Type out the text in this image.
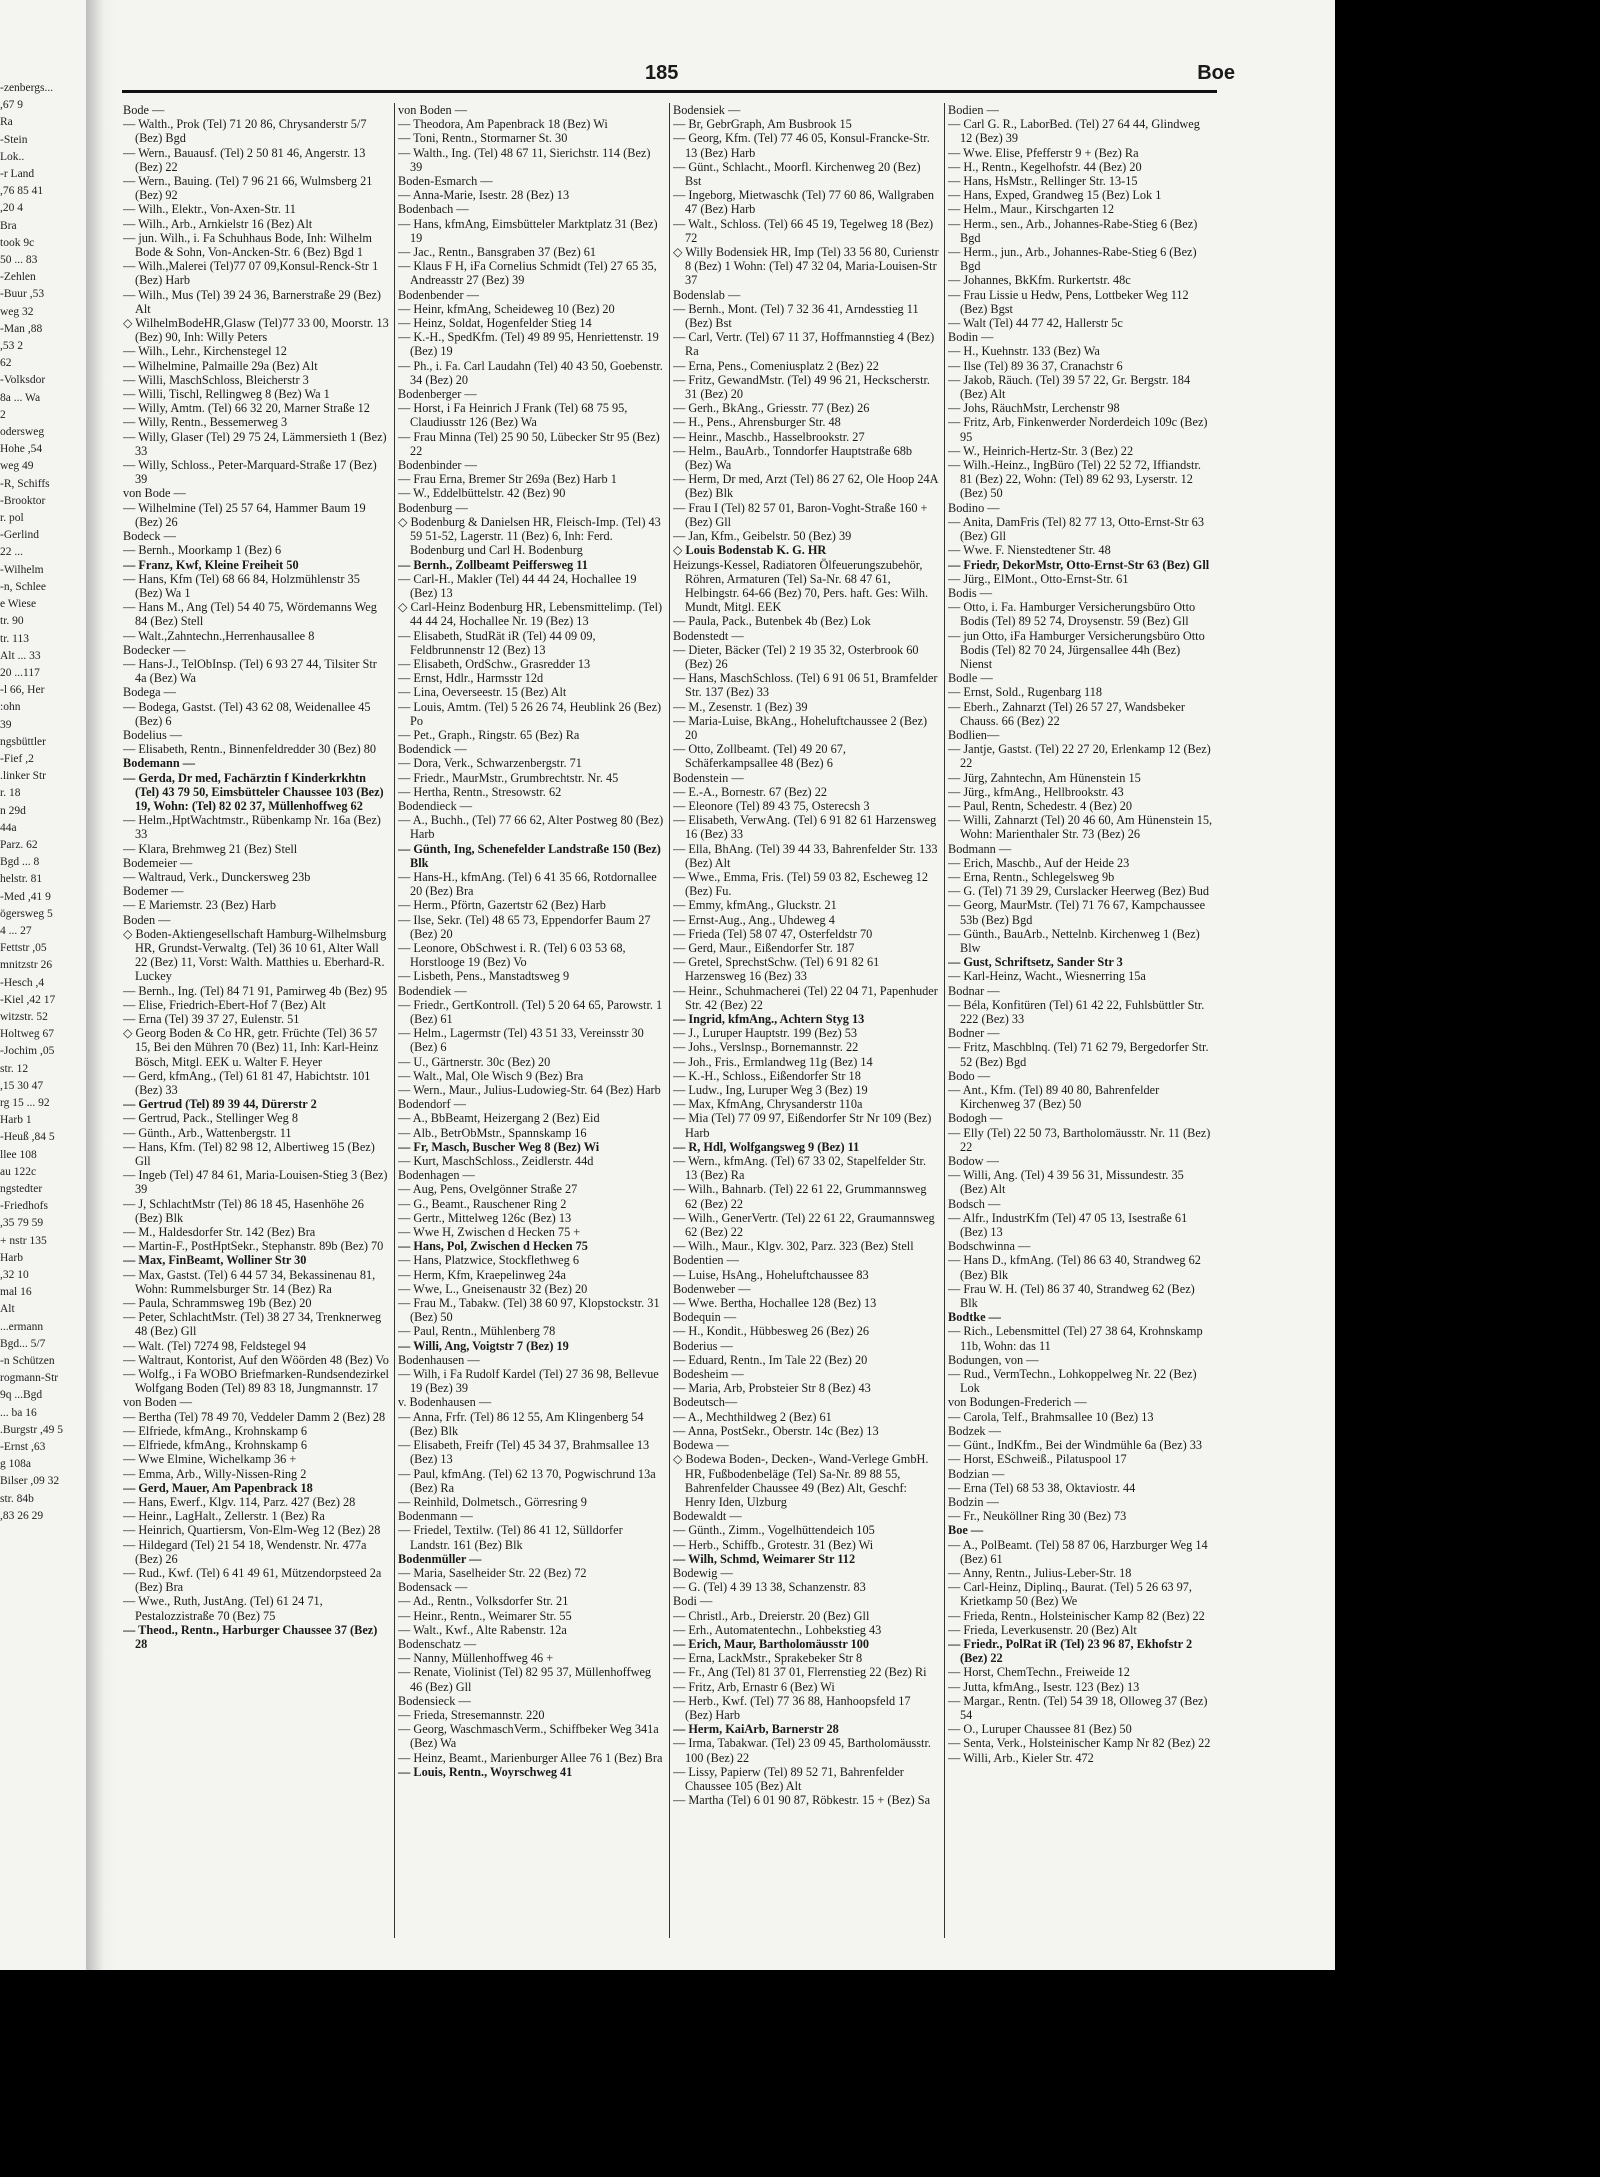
...zenbergs-
9 67,
Ra
Stein-
..Lok
r Land-
41 85 76,
4 20,
Bra
took 9c
83 ... 50
Zehlen-
53, Buur-
weg 32
88, Man-
2 53,
62
Volksdor-
8a ... Wa
2
odersweg
54, Hohe
weg 49
R, Schiffs-
Brooktor-
r. pol
Gerlind-
... 22
Wilhelm-
n, Schlee-
e Wiese
tr. 90
tr. 113
33 ... Alt
117... 20
l 66, Her-
ohn:
39
ngsbüttler
2, Fief-
linker Str.
r. 18
n 29d
44a
Parz. 62
8 ... Bgd
helstr. 81
9 41, Med-
ögersweg 5
27 ... 4
05, Fettstr
mnitzstr 26
4, Hesch-
17 42, Kiel-
witzstr. 52
Holtweg 67
05, Jochim-
str. 12
47 30 15,
rg 15 ... 92
Harb 1
5 84, Heuß-
llee 108
au 122c
ngstedter
Friedhofs-
59 79 35,
nstr 135 +
Harb
10 32,
mal 16
Alt
ermann...
5/7 ...Bgd
n Schützen-
rogmann-Str
9q ...Bgd
ba 16 ...
5 49, Burgstr.
63, Ernst-
g 108a
32 09, Bilser
str. 84b
29 26 83,
185	Boe

Bode —

— Walth., Prok (Tel) 71 20 86, Chrysanderstr 5/7 (Bez) Bgd

— Wern., Bauausf. (Tel) 2 50 81 46, Angerstr. 13 (Bez) 22

— Wern., Bauing. (Tel) 7 96 21 66, Wulmsberg 21 (Bez) 92

— Wilh., Elektr., Von-Axen-Str. 11

— Wilh., Arb., Arnkielstr 16 (Bez) Alt

— jun. Wilh., i. Fa Schuhhaus Bode, Inh: Wilhelm Bode & Sohn, Von-Ancken-Str. 6 (Bez) Bgd 1

— Wilh.,Malerei (Tel)77 07 09,Konsul-Renck-Str 1 (Bez) Harb

— Wilh., Mus (Tel) 39 24 36, Barnerstraße 29 (Bez) Alt

◇ WilhelmBodeHR,Glasw (Tel)77 33 00, Moorstr. 13 (Bez) 90, Inh: Willy Peters

— Wilh., Lehr., Kirchenstegel 12

— Wilhelmine, Palmaille 29a (Bez) Alt

— Willi, MaschSchloss, Bleicherstr 3

— Willi, Tischl, Rellingweg 8 (Bez) Wa 1

— Willy, Amtm. (Tel) 66 32 20, Marner Straße 12

— Willy, Rentn., Bessemerweg 3

— Willy, Glaser (Tel) 29 75 24, Lämmersieth 1 (Bez) 33

— Willy, Schloss., Peter-Marquard-Straße 17 (Bez) 39

von Bode —

— Wilhelmine (Tel) 25 57 64, Hammer Baum 19 (Bez) 26

Bodeck —

— Bernh., Moorkamp 1 (Bez) 6

— Franz, Kwf, Kleine Freiheit 50

— Hans, Kfm (Tel) 68 66 84, Holzmühlenstr 35 (Bez) Wa 1

— Hans M., Ang (Tel) 54 40 75, Wördemanns Weg 84 (Bez) Stell

— Walt.,Zahntechn.,Herrenhausallee 8

Bodecker —

— Hans-J., TelObInsp. (Tel) 6 93 27 44, Tilsiter Str 4a (Bez) Wa

Bodega —

— Bodega, Gastst. (Tel) 43 62 08, Weidenallee 45 (Bez) 6

Bodelius —

— Elisabeth, Rentn., Binnenfeldredder 30 (Bez) 80

Bodemann —

— Gerda, Dr med, Fachärztin f Kinderkrkhtn (Tel) 43 79 50, Eimsbütteler Chaussee 103 (Bez) 19, Wohn: (Tel) 82 02 37, Müllenhoffweg 62

— Helm.,HptWachtmstr., Rübenkamp Nr. 16a (Bez) 33

— Klara, Brehmweg 21 (Bez) Stell

Bodemeier —

— Waltraud, Verk., Dunckersweg 23b

Bodemer —

— E Mariemstr. 23 (Bez) Harb

Boden —

◇ Boden-Aktiengesellschaft Hamburg-Wilhelmsburg HR, Grundst-Verwaltg. (Tel) 36 10 61, Alter Wall 22 (Bez) 11, Vorst: Walth. Matthies u. Eberhard-R. Luckey

— Bernh., Ing. (Tel) 84 71 91, Pamirweg 4b (Bez) 95

— Elise, Friedrich-Ebert-Hof 7 (Bez) Alt

— Erna (Tel) 39 37 27, Eulenstr. 51

◇ Georg Boden & Co HR, getr. Früchte (Tel) 36 57 15, Bei den Mühren 70 (Bez) 11, Inh: Karl-Heinz Bösch, Mitgl. EEK u. Walter F. Heyer

— Gerd, kfmAng., (Tel) 61 81 47, Habichtstr. 101 (Bez) 33

— Gertrud (Tel) 89 39 44, Dürerstr 2

— Gertrud, Pack., Stellinger Weg 8

— Günth., Arb., Wattenbergstr. 11

— Hans, Kfm. (Tel) 82 98 12, Albertiweg 15 (Bez) Gll

— Ingeb (Tel) 47 84 61, Maria-Louisen-Stieg 3 (Bez) 39

— J, SchlachtMstr (Tel) 86 18 45, Hasenhöhe 26 (Bez) Blk

— M., Haldesdorfer Str. 142 (Bez) Bra

— Martin-F., PostHptSekr., Stephanstr. 89b (Bez) 70

— Max, FinBeamt, Wolliner Str 30

— Max, Gastst. (Tel) 6 44 57 34, Bekassinenau 81, Wohn: Rummelsburger Str. 14 (Bez) Ra

— Paula, Schrammsweg 19b (Bez) 20

— Peter, SchlachtMstr. (Tel) 38 27 34, Trenknerweg 48 (Bez) Gll

— Walt. (Tel) 7274 98, Feldstegel 94

— Waltraut, Kontorist, Auf den Wöörden 48 (Bez) Vo

— Wolfg., i Fa WOBO Briefmarken-Rundsendezirkel Wolfgang Boden (Tel) 89 83 18, Jungmannstr. 17

von Boden —

— Bertha (Tel) 78 49 70, Veddeler Damm 2 (Bez) 28

— Elfriede, kfmAng., Krohnskamp 6

— Elfriede, kfmAng., Krohnskamp 6

— Wwe Elmine, Wichelkamp 36 +

— Emma, Arb., Willy-Nissen-Ring 2

— Gerd, Mauer, Am Papenbrack 18

— Hans, Ewerf., Klgv. 114, Parz. 427 (Bez) 28

— Heinr., LagHalt., Zellerstr. 1 (Bez) Ra

— Heinrich, Quartiersm, Von-Elm-Weg 12 (Bez) 28

— Hildegard (Tel) 21 54 18, Wendenstr. Nr. 477a (Bez) 26

— Rud., Kwf. (Tel) 6 41 49 61, Mützendorpsteed 2a (Bez) Bra

— Wwe., Ruth, JustAng. (Tel) 61 24 71, Pestalozzistraße 70 (Bez) 75

— Theod., Rentn., Harburger Chaussee 37 (Bez) 28

von Boden —

— Theodora, Am Papenbrack 18 (Bez) Wi

— Toni, Rentn., Stormarner St. 30

— Walth., Ing. (Tel) 48 67 11, Sierichstr. 114 (Bez) 39

Boden-Esmarch —

— Anna-Marie, Isestr. 28 (Bez) 13

Bodenbach —

— Hans, kfmAng, Eimsbütteler Marktplatz 31 (Bez) 19

— Jac., Rentn., Bansgraben 37 (Bez) 61

— Klaus F H, iFa Cornelius Schmidt (Tel) 27 65 35, Andreasstr 27 (Bez) 39

Bodenbender —

— Heinr, kfmAng, Scheideweg 10 (Bez) 20

— Heinz, Soldat, Hogenfelder Stieg 14

— K.-H., SpedKfm. (Tel) 49 89 95, Henriettenstr. 19 (Bez) 19

— Ph., i. Fa. Carl Laudahn (Tel) 40 43 50, Goebenstr. 34 (Bez) 20

Bodenberger —

— Horst, i Fa Heinrich J Frank (Tel) 68 75 95, Claudiusstr 126 (Bez) Wa

— Frau Minna (Tel) 25 90 50, Lübecker Str 95 (Bez) 22

Bodenbinder —

— Frau Erna, Bremer Str 269a (Bez) Harb 1

— W., Eddelbüttelstr. 42 (Bez) 90

Bodenburg —

◇ Bodenburg & Danielsen HR, Fleisch-Imp. (Tel) 43 59 51-52, Lagerstr. 11 (Bez) 6, Inh: Ferd. Bodenburg und Carl H. Bodenburg

— Bernh., Zollbeamt Peiffersweg 11

— Carl-H., Makler (Tel) 44 44 24, Hochallee 19 (Bez) 13

◇ Carl-Heinz Bodenburg HR, Lebensmittelimp. (Tel) 44 44 24, Hochallee Nr. 19 (Bez) 13

— Elisabeth, StudRät iR (Tel) 44 09 09, Feldbrunnenstr 12 (Bez) 13

— Elisabeth, OrdSchw., Grasredder 13

— Ernst, Hdlr., Harmsstr 12d

— Lina, Oeverseestr. 15 (Bez) Alt

— Louis, Amtm. (Tel) 5 26 26 74, Heublink 26 (Bez) Po

— Pet., Graph., Ringstr. 65 (Bez) Ra

Bodendick —

— Dora, Verk., Schwarzenbergstr. 71

— Friedr., MaurMstr., Grumbrechtstr. Nr. 45

— Hertha, Rentn., Stresowstr. 62

Bodendieck —

— A., Buchh., (Tel) 77 66 62, Alter Postweg 80 (Bez) Harb

— Günth, Ing, Schenefelder Landstraße 150 (Bez) Blk

— Hans-H., kfmAng. (Tel) 6 41 35 66, Rotdornallee 20 (Bez) Bra

— Herm., Pförtn, Gazertstr 62 (Bez) Harb

— Ilse, Sekr. (Tel) 48 65 73, Eppendorfer Baum 27 (Bez) 20

— Leonore, ObSchwest i. R. (Tel) 6 03 53 68, Horstlooge 19 (Bez) Vo

— Lisbeth, Pens., Manstadtsweg 9

Bodendiek —

— Friedr., GertKontroll. (Tel) 5 20 64 65, Parowstr. 1 (Bez) 61

— Helm., Lagermstr (Tel) 43 51 33, Vereinsstr 30 (Bez) 6

— U., Gärtnerstr. 30c (Bez) 20

— Walt., Mal, Ole Wisch 9 (Bez) Bra

— Wern., Maur., Julius-Ludowieg-Str. 64 (Bez) Harb

Bodendorf —

— A., BbBeamt, Heizergang 2 (Bez) Eid

— Alb., BetrObMstr., Spannskamp 16

— Fr, Masch, Buscher Weg 8 (Bez) Wi

— Kurt, MaschSchloss., Zeidlerstr. 44d

Bodenhagen —

— Aug, Pens, Ovelgönner Straße 27

— G., Beamt., Rauschener Ring 2

— Gertr., Mittelweg 126c (Bez) 13

— Wwe H, Zwischen d Hecken 75 +

— Hans, Pol, Zwischen d Hecken 75

— Hans, Platzwice, Stockflethweg 6

— Herm, Kfm, Kraepelinweg 24a

— Wwe, L., Gneisenaustr 32 (Bez) 20

— Frau M., Tabakw. (Tel) 38 60 97, Klopstockstr. 31 (Bez) 50

— Paul, Rentn., Mühlenberg 78

— Willi, Ang, Voigtstr 7 (Bez) 19

Bodenhausen —

— Wilh, i Fa Rudolf Kardel (Tel) 27 36 98, Bellevue 19 (Bez) 39

v. Bodenhausen —

— Anna, Frfr. (Tel) 86 12 55, Am Klingenberg 54 (Bez) Blk

— Elisabeth, Freifr (Tel) 45 34 37, Brahmsallee 13 (Bez) 13

— Paul, kfmAng. (Tel) 62 13 70, Pogwischrund 13a (Bez) Ra

— Reinhild, Dolmetsch., Görresring 9

Bodenmann —

— Friedel, Textilw. (Tel) 86 41 12, Sülldorfer Landstr. 161 (Bez) Blk

Bodenmüller —

— Maria, Saselheider Str. 22 (Bez) 72

Bodensack —

— Ad., Rentn., Volksdorfer Str. 21

— Heinr., Rentn., Weimarer Str. 55

— Walt., Kwf., Alte Rabenstr. 12a

Bodenschatz —

— Nanny, Müllenhoffweg 46 +

— Renate, Violinist (Tel) 82 95 37, Müllenhoffweg 46 (Bez) Gll

Bodensieck —

— Frieda, Stresemannstr. 220

— Georg, WaschmaschVerm., Schiffbeker Weg 341a (Bez) Wa

— Heinz, Beamt., Marienburger Allee 76 1 (Bez) Bra

— Louis, Rentn., Woyrschweg 41

Bodensiek —

— Br, GebrGraph, Am Busbrook 15

— Georg, Kfm. (Tel) 77 46 05, Konsul-Francke-Str. 13 (Bez) Harb

— Günt., Schlacht., Moorfl. Kirchenweg 20 (Bez) Bst

— Ingeborg, Mietwaschk (Tel) 77 60 86, Wallgraben 47 (Bez) Harb

— Walt., Schloss. (Tel) 66 45 19, Tegelweg 18 (Bez) 72

◇ Willy Bodensiek HR, Imp (Tel) 33 56 80, Curienstr 8 (Bez) 1 Wohn: (Tel) 47 32 04, Maria-Louisen-Str 37

Bodenslab —

— Bernh., Mont. (Tel) 7 32 36 41, Arndesstieg 11 (Bez) Bst

— Carl, Vertr. (Tel) 67 11 37, Hoffmannstieg 4 (Bez) Ra

— Erna, Pens., Comeniusplatz 2 (Bez) 22

— Fritz, GewandMstr. (Tel) 49 96 21, Heckscherstr. 31 (Bez) 20

— Gerh., BkAng., Griesstr. 77 (Bez) 26

— H., Pens., Ahrensburger Str. 48

— Heinr., Maschb., Hasselbrookstr. 27

— Helm., BauArb., Tonndorfer Hauptstraße 68b (Bez) Wa

— Herm, Dr med, Arzt (Tel) 86 27 62, Ole Hoop 24A (Bez) Blk

— Frau I (Tel) 82 57 01, Baron-Voght-Straße 160 + (Bez) Gll

— Jan, Kfm., Geibelstr. 50 (Bez) 39

◇ Louis Bodenstab K. G. HR

Heizungs-Kessel, Radiatoren Ölfeuerungszubehör, Röhren, Armaturen (Tel) Sa-Nr. 68 47 61, Helbingstr. 64-66 (Bez) 70, Pers. haft. Ges: Wilh. Mundt, Mitgl. EEK

— Paula, Pack., Butenbek 4b (Bez) Lok

Bodenstedt —

— Dieter, Bäcker (Tel) 2 19 35 32, Osterbrook 60 (Bez) 26

— Hans, MaschSchloss. (Tel) 6 91 06 51, Bramfelder Str. 137 (Bez) 33

— M., Zesenstr. 1 (Bez) 39

— Maria-Luise, BkAng., Hoheluftchaussee 2 (Bez) 20

— Otto, Zollbeamt. (Tel) 49 20 67, Schäferkampsallee 48 (Bez) 6

Bodenstein —

— E.-A., Bornestr. 67 (Bez) 22

— Eleonore (Tel) 89 43 75, Osterecsh 3

— Elisabeth, VerwAng. (Tel) 6 91 82 61 Harzensweg 16 (Bez) 33

— Ella, BhAng. (Tel) 39 44 33, Bahrenfelder Str. 133 (Bez) Alt

— Wwe., Emma, Fris. (Tel) 59 03 82, Escheweg 12 (Bez) Fu.

— Emmy, kfmAng., Gluckstr. 21

— Ernst-Aug., Ang., Uhdeweg 4

— Frieda (Tel) 58 07 47, Osterfeldstr 70

— Gerd, Maur., Eißendorfer Str. 187

— Gretel, SprechstSchw. (Tel) 6 91 82 61 Harzensweg 16 (Bez) 33

— Heinr., Schuhmacherei (Tel) 22 04 71, Papenhuder Str. 42 (Bez) 22

— Ingrid, kfmAng., Achtern Styg 13

— J., Luruper Hauptstr. 199 (Bez) 53

— Johs., Verslnsp., Bornemannstr. 22

— Joh., Fris., Ermlandweg 11g (Bez) 14

— K.-H., Schloss., Eißendorfer Str 18

— Ludw., Ing, Luruper Weg 3 (Bez) 19

— Max, KfmAng, Chrysanderstr 110a

— Mia (Tel) 77 09 97, Eißendorfer Str Nr 109 (Bez) Harb

— R, Hdl, Wolfgangsweg 9 (Bez) 11

— Wern., kfmAng. (Tel) 67 33 02, Stapelfelder Str. 13 (Bez) Ra

— Wilh., Bahnarb. (Tel) 22 61 22, Grummannsweg 62 (Bez) 22

— Wilh., GenerVertr. (Tel) 22 61 22, Graumannsweg 62 (Bez) 22

— Wilh., Maur., Klgv. 302, Parz. 323 (Bez) Stell

Bodentien —

— Luise, HsAng., Hoheluftchaussee 83

Bodenweber —

— Wwe. Bertha, Hochallee 128 (Bez) 13

Bodequin —

— H., Kondit., Hübbesweg 26 (Bez) 26

Boderius —

— Eduard, Rentn., Im Tale 22 (Bez) 20

Bodesheim —

— Maria, Arb, Probsteier Str 8 (Bez) 43

Bodeutsch—

— A., Mechthildweg 2 (Bez) 61

— Anna, PostSekr., Oberstr. 14c (Bez) 13

Bodewa —

◇ Bodewa Boden-, Decken-, Wand-Verlege GmbH. HR, Fußbodenbeläge (Tel) Sa-Nr. 89 88 55, Bahrenfelder Chaussee 49 (Bez) Alt, Geschf: Henry Iden, Ulzburg

Bodewaldt —

— Günth., Zimm., Vogelhüttendeich 105

— Herb., Schiffb., Grotestr. 31 (Bez) Wi

— Wilh, Schmd, Weimarer Str 112

Bodewig —

— G. (Tel) 4 39 13 38, Schanzenstr. 83

Bodi —

— Christl., Arb., Dreierstr. 20 (Bez) Gll

— Erh., Automatentechn., Lohbekstieg 43

— Erich, Maur, Bartholomäusstr 100

— Erna, LackMstr., Sprakebeker Str 8

— Fr., Ang (Tel) 81 37 01, Flerrenstieg 22 (Bez) Ri

— Fritz, Arb, Ernastr 6 (Bez) Wi

— Herb., Kwf. (Tel) 77 36 88, Hanhoopsfeld 17 (Bez) Harb

— Herm, KaiArb, Barnerstr 28

— Irma, Tabakwar. (Tel) 23 09 45, Bartholomäusstr. 100 (Bez) 22

— Lissy, Papierw (Tel) 89 52 71, Bahrenfelder Chaussee 105 (Bez) Alt

— Martha (Tel) 6 01 90 87, Röbkestr. 15 + (Bez) Sa

Bodien —

— Carl G. R., LaborBed. (Tel) 27 64 44, Glindweg 12 (Bez) 39

— Wwe. Elise, Pfefferstr 9 + (Bez) Ra

— H., Rentn., Kegelhofstr. 44 (Bez) 20

— Hans, HsMstr., Rellinger Str. 13-15

— Hans, Exped, Grandweg 15 (Bez) Lok 1

— Helm., Maur., Kirschgarten 12

— Herm., sen., Arb., Johannes-Rabe-Stieg 6 (Bez) Bgd

— Herm., jun., Arb., Johannes-Rabe-Stieg 6 (Bez) Bgd

— Johannes, BkKfm. Rurkertstr. 48c

— Frau Lissie u Hedw, Pens, Lottbeker Weg 112 (Bez) Bgst

— Walt (Tel) 44 77 42, Hallerstr 5c

Bodin —

— H., Kuehnstr. 133 (Bez) Wa

— Ilse (Tel) 89 36 37, Cranachstr 6

— Jakob, Räuch. (Tel) 39 57 22, Gr. Bergstr. 184 (Bez) Alt

— Johs, RäuchMstr, Lerchenstr 98

— Fritz, Arb, Finkenwerder Norderdeich 109c (Bez) 95

— W., Heinrich-Hertz-Str. 3 (Bez) 22

— Wilh.-Heinz., IngBüro (Tel) 22 52 72, Iffiandstr. 81 (Bez) 22, Wohn: (Tel) 89 62 93, Lyserstr. 12 (Bez) 50

Bodino —

— Anita, DamFris (Tel) 82 77 13, Otto-Ernst-Str 63 (Bez) Gll

— Wwe. F. Nienstedtener Str. 48

— Friedr, DekorMstr, Otto-Ernst-Str 63 (Bez) Gll

— Jürg., ElMont., Otto-Ernst-Str. 61

Bodis —

— Otto, i. Fa. Hamburger Versicherungsbüro Otto Bodis (Tel) 89 52 74, Droysenstr. 59 (Bez) Gll

— jun Otto, iFa Hamburger Versicherungsbüro Otto Bodis (Tel) 82 70 24, Jürgensallee 44h (Bez) Nienst

Bodle —

— Ernst, Sold., Rugenbarg 118

— Eberh., Zahnarzt (Tel) 26 57 27, Wandsbeker Chauss. 66 (Bez) 22

Bodlien—

— Jantje, Gastst. (Tel) 22 27 20, Erlenkamp 12 (Bez) 22

— Jürg, Zahntechn, Am Hünenstein 15

— Jürg., kfmAng., Hellbrookstr. 43

— Paul, Rentn, Schedestr. 4 (Bez) 20

— Willi, Zahnarzt (Tel) 20 46 60, Am Hünenstein 15, Wohn: Marienthaler Str. 73 (Bez) 26

Bodmann —

— Erich, Maschb., Auf der Heide 23

— Erna, Rentn., Schlegelsweg 9b

— G. (Tel) 71 39 29, Curslacker Heerweg (Bez) Bud

— Georg, MaurMstr. (Tel) 71 76 67, Kampchaussee 53b (Bez) Bgd

— Günth., BauArb., Nettelnb. Kirchenweg 1 (Bez) Blw

— Gust, Schriftsetz, Sander Str 3

— Karl-Heinz, Wacht., Wiesnerring 15a

Bodnar —

— Béla, Konfitüren (Tel) 61 42 22, Fuhlsbüttler Str. 222 (Bez) 33

Bodner —

— Fritz, Maschblnq. (Tel) 71 62 79, Bergedorfer Str. 52 (Bez) Bgd

Bodo —

— Ant., Kfm. (Tel) 89 40 80, Bahrenfelder Kirchenweg 37 (Bez) 50

Bodogh —

— Elly (Tel) 22 50 73, Bartholomäusstr. Nr. 11 (Bez) 22

Bodow —

— Willi, Ang. (Tel) 4 39 56 31, Missundestr. 35 (Bez) Alt

Bodsch —

— Alfr., IndustrKfm (Tel) 47 05 13, Isestraße 61 (Bez) 13

Bodschwinna —

— Hans D., kfmAng. (Tel) 86 63 40, Strandweg 62 (Bez) Blk

— Frau W. H. (Tel) 86 37 40, Strandweg 62 (Bez) Blk

Bodtke —

— Rich., Lebensmittel (Tel) 27 38 64, Krohnskamp 11b, Wohn: das 11

Bodungen, von —

— Rud., VermTechn., Lohkoppelweg Nr. 22 (Bez) Lok

von Bodungen-Frederich —

— Carola, Telf., Brahmsallee 10 (Bez) 13

Bodzek —

— Günt., IndKfm., Bei der Windmühle 6a (Bez) 33

— Horst, ESchweiß., Pilatuspool 17

Bodzian —

— Erna (Tel) 68 53 38, Oktaviostr. 44

Bodzin —

— Fr., Neuköllner Ring 30 (Bez) 73

Boe —

— A., PolBeamt. (Tel) 58 87 06, Harzburger Weg 14 (Bez) 61

— Anny, Rentn., Julius-Leber-Str. 18

— Carl-Heinz, Diplinq., Baurat. (Tel) 5 26 63 97, Krietkamp 50 (Bez) We

— Frieda, Rentn., Holsteinischer Kamp 82 (Bez) 22

— Frieda, Leverkusenstr. 20 (Bez) Alt

— Friedr., PolRat iR (Tel) 23 96 87, Ekhofstr 2 (Bez) 22

— Horst, ChemTechn., Freiweide 12

— Jutta, kfmAng., Isestr. 123 (Bez) 13

— Margar., Rentn. (Tel) 54 39 18, Olloweg 37 (Bez) 54

— O., Luruper Chaussee 81 (Bez) 50

— Senta, Verk., Holsteinischer Kamp Nr 82 (Bez) 22

— Willi, Arb., Kieler Str. 472
